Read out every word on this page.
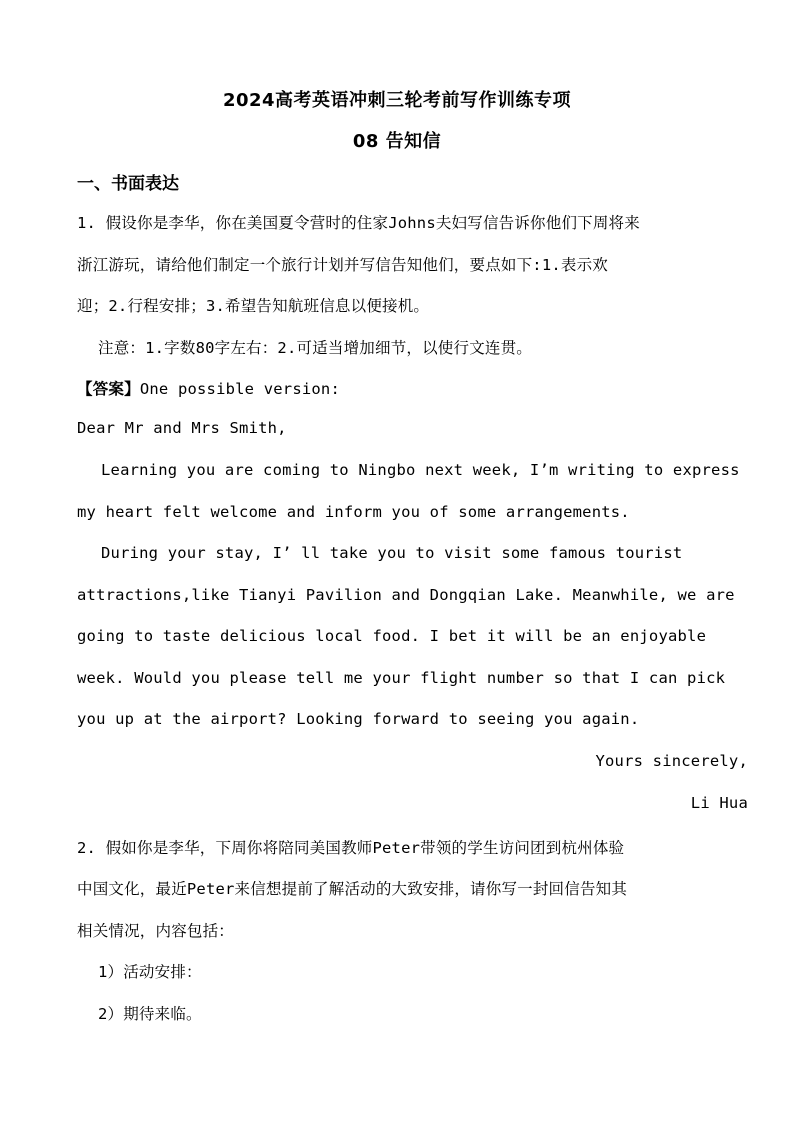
2024高考英语冲刺三轮考前写作训练专项
08 告知信
一、书面表达
1. 假设你是李华，你在美国夏令营时的住家Johns夫妇写信告诉你他们下周将来
浙江游玩，请给他们制定一个旅行计划并写信告知他们，要点如下:1.表示欢
迎；2.行程安排；3.希望告知航班信息以便接机。
注意：1.字数80字左右：2.可适当增加细节，以使行文连贯。
【答案】One possible version:
Dear Mr and Mrs Smith,
Learning you are coming to Ningbo next week, I’m writing to express
my heart felt welcome and inform you of some arrangements.
During your stay, I’ ll take you to visit some famous tourist
attractions,like Tianyi Pavilion and Dongqian Lake. Meanwhile, we are
going to taste delicious local food. I bet it will be an enjoyable
week. Would you please tell me your flight number so that I can pick
you up at the airport? Looking forward to seeing you again.
Yours sincerely,
Li Hua
2. 假如你是李华，下周你将陪同美国教师Peter带领的学生访问团到杭州体验
中国文化，最近Peter来信想提前了解活动的大致安排，请你写一封回信告知其
相关情况，内容包括：
1）活动安排：
2）期待来临。
